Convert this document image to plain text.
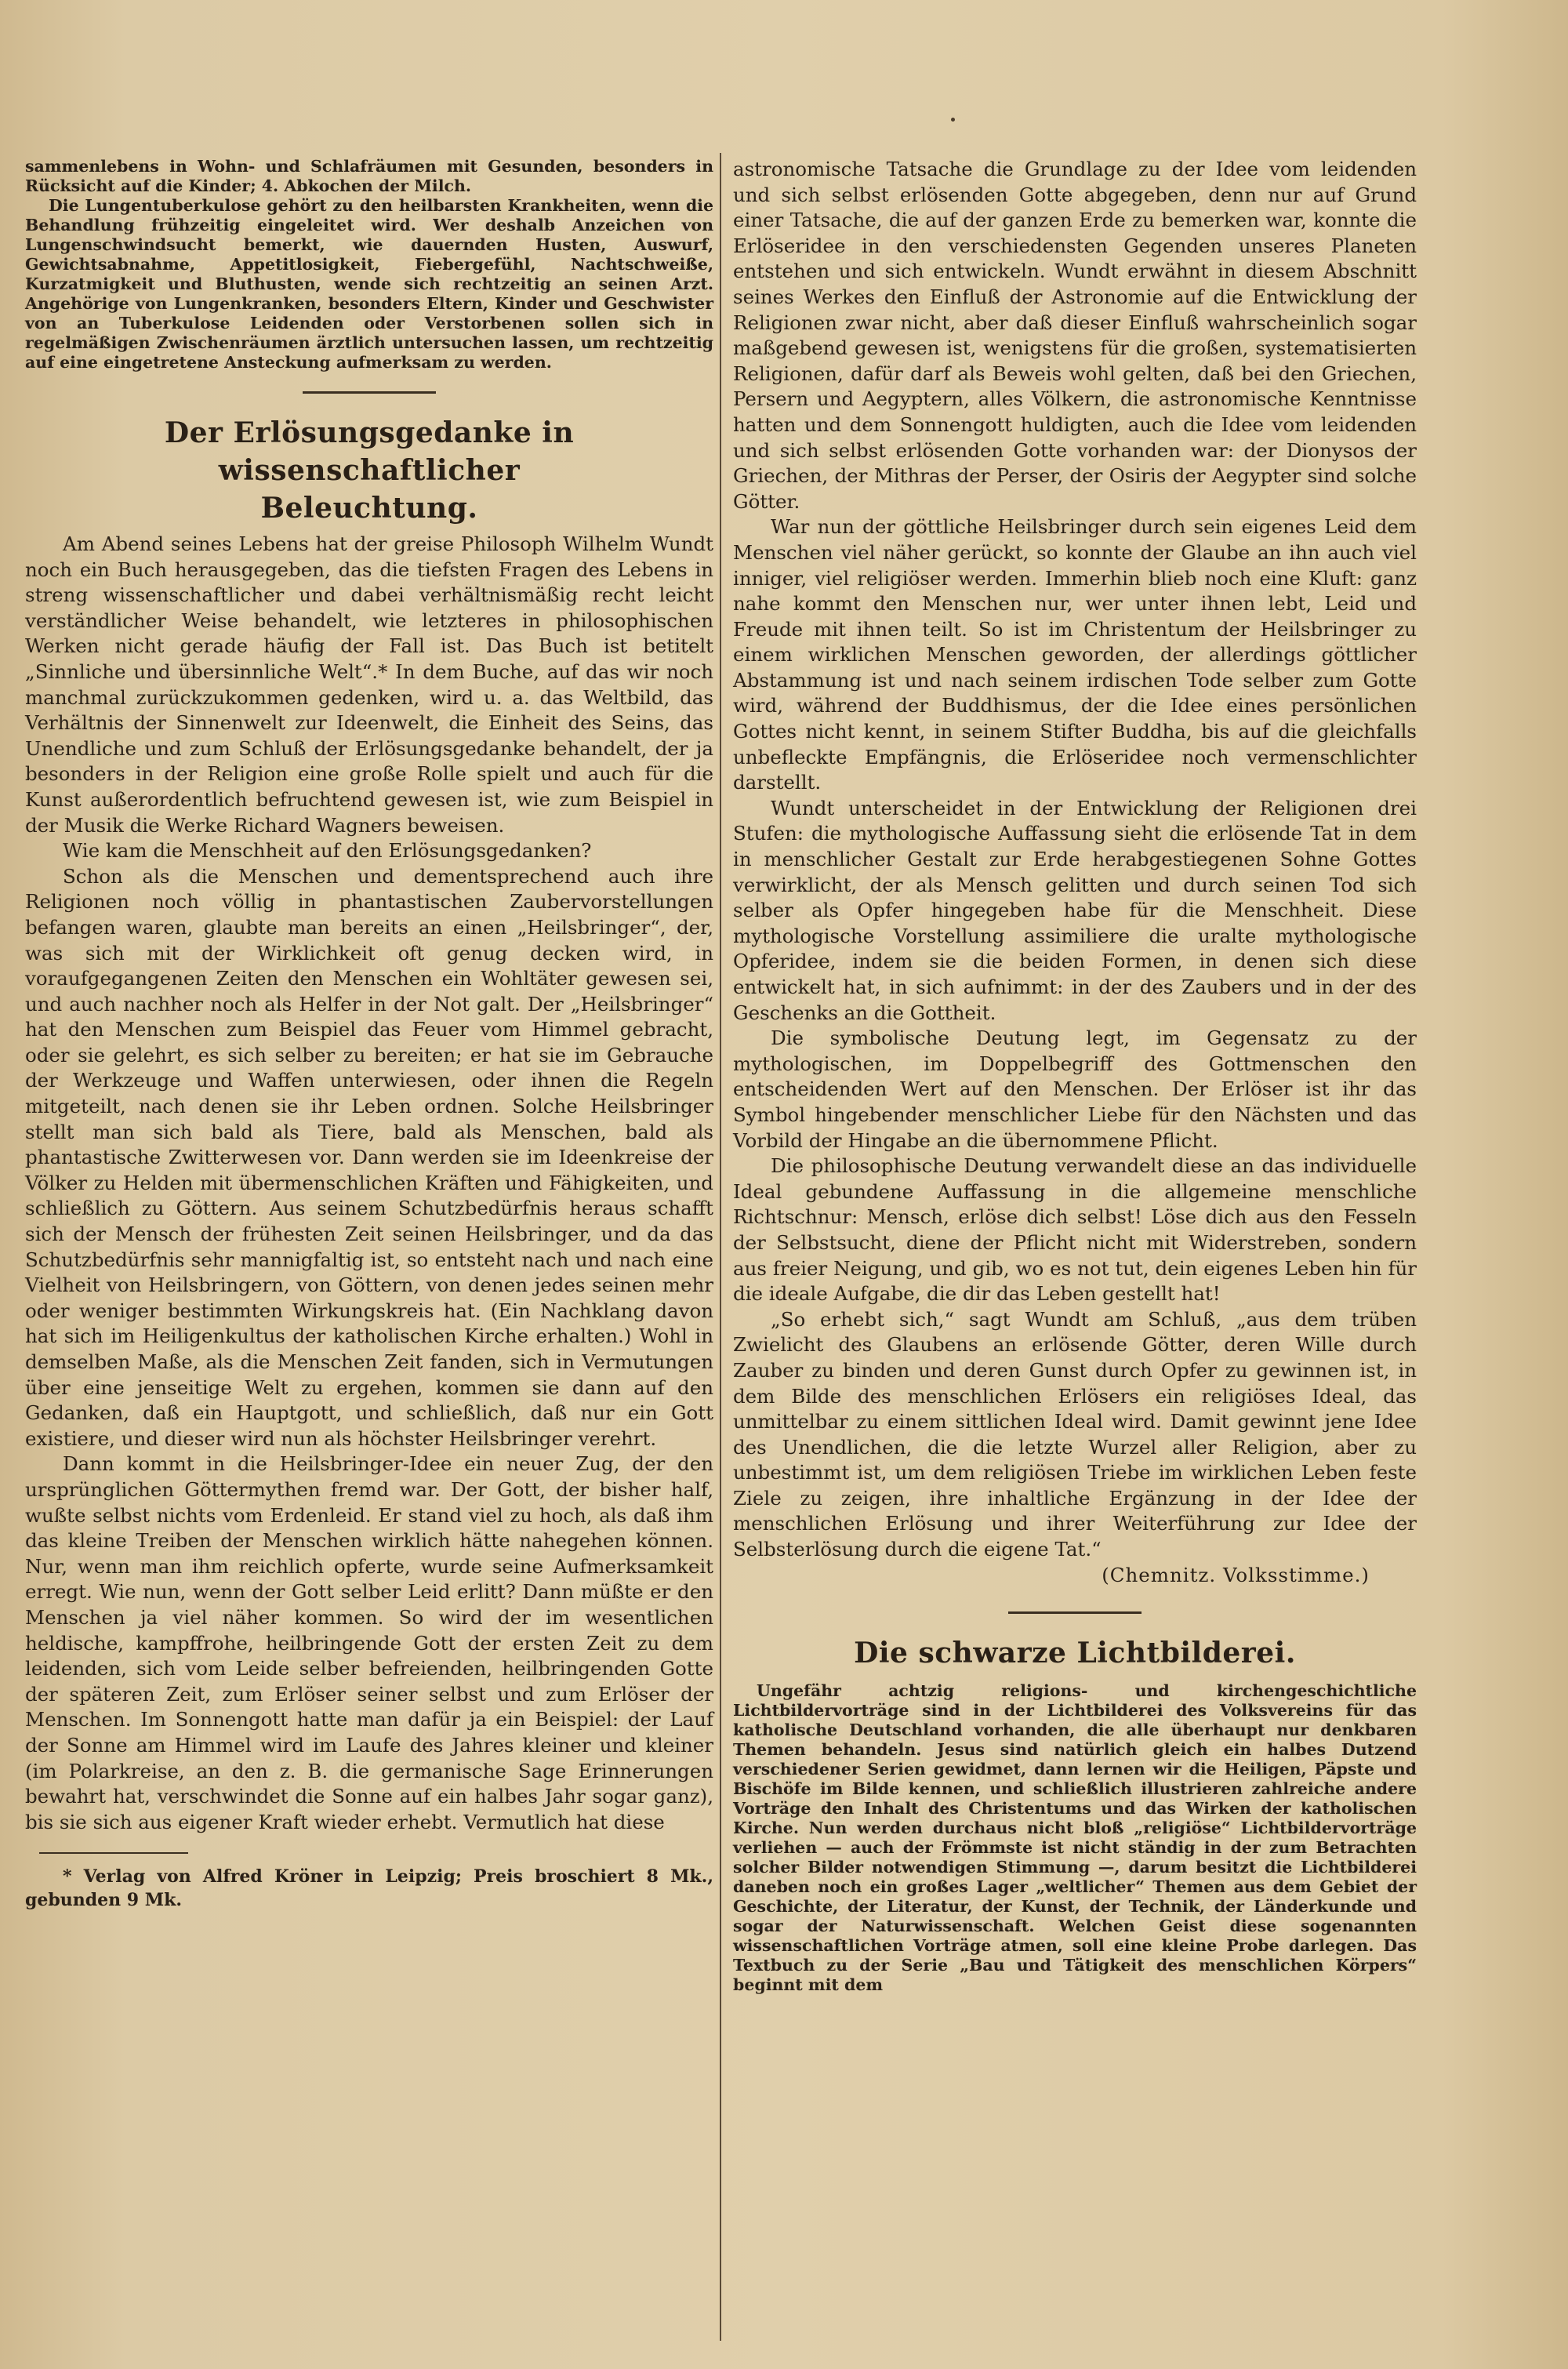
sammenlebens in Wohn- und Schlafräumen mit Gesunden, besonders in Rücksicht auf die Kinder; 4. Abkochen der Milch.

Die Lungentuberkulose gehört zu den heilbarsten Krankheiten, wenn die Behandlung frühzeitig eingeleitet wird. Wer deshalb Anzeichen von Lungenschwindsucht bemerkt, wie dauernden Husten, Auswurf, Gewichtsabnahme, Appetitlosigkeit, Fiebergefühl, Nachtschweiße, Kurzatmigkeit und Bluthusten, wende sich rechtzeitig an seinen Arzt. Angehörige von Lungenkranken, besonders Eltern, Kinder und Geschwister von an Tuberkulose Leidenden oder Verstorbenen sollen sich in regelmäßigen Zwischenräumen ärztlich untersuchen lassen, um rechtzeitig auf eine eingetretene Ansteckung aufmerksam zu werden.

Der Erlösungsgedanke in wissenschaftlicher
Beleuchtung.

Am Abend seines Lebens hat der greise Philosoph Wilhelm Wundt noch ein Buch herausgegeben, das die tiefsten Fragen des Lebens in streng wissenschaftlicher und dabei verhältnismäßig recht leicht verständlicher Weise behandelt, wie letzteres in philosophischen Werken nicht gerade häufig der Fall ist. Das Buch ist betitelt „Sinnliche und übersinnliche Welt“.* In dem Buche, auf das wir noch manchmal zurückzukommen gedenken, wird u. a. das Weltbild, das Verhältnis der Sinnenwelt zur Ideenwelt, die Einheit des Seins, das Unendliche und zum Schluß der Erlösungsgedanke behandelt, der ja besonders in der Religion eine große Rolle spielt und auch für die Kunst außerordentlich befruchtend gewesen ist, wie zum Beispiel in der Musik die Werke Richard Wagners beweisen.

Wie kam die Menschheit auf den Erlösungsgedanken?

Schon als die Menschen und dementsprechend auch ihre Religionen noch völlig in phantastischen Zaubervorstellungen befangen waren, glaubte man bereits an einen „Heilsbringer“, der, was sich mit der Wirklichkeit oft genug decken wird, in voraufgegangenen Zeiten den Menschen ein Wohltäter gewesen sei, und auch nachher noch als Helfer in der Not galt. Der „Heilsbringer“ hat den Menschen zum Beispiel das Feuer vom Himmel gebracht, oder sie gelehrt, es sich selber zu bereiten; er hat sie im Gebrauche der Werkzeuge und Waffen unterwiesen, oder ihnen die Regeln mitgeteilt, nach denen sie ihr Leben ordnen. Solche Heilsbringer stellt man sich bald als Tiere, bald als Menschen, bald als phantastische Zwitterwesen vor. Dann werden sie im Ideenkreise der Völker zu Helden mit übermenschlichen Kräften und Fähigkeiten, und schließlich zu Göttern. Aus seinem Schutzbedürfnis heraus schafft sich der Mensch der frühesten Zeit seinen Heilsbringer, und da das Schutzbedürfnis sehr mannigfaltig ist, so entsteht nach und nach eine Vielheit von Heilsbringern, von Göttern, von denen jedes seinen mehr oder weniger bestimmten Wirkungskreis hat. (Ein Nachklang davon hat sich im Heiligenkultus der katholischen Kirche erhalten.) Wohl in demselben Maße, als die Menschen Zeit fanden, sich in Vermutungen über eine jenseitige Welt zu ergehen, kommen sie dann auf den Gedanken, daß ein Hauptgott, und schließlich, daß nur ein Gott existiere, und dieser wird nun als höchster Heilsbringer verehrt.

Dann kommt in die Heilsbringer-Idee ein neuer Zug, der den ursprünglichen Göttermythen fremd war. Der Gott, der bisher half, wußte selbst nichts vom Erdenleid. Er stand viel zu hoch, als daß ihm das kleine Treiben der Menschen wirklich hätte nahegehen können. Nur, wenn man ihm reichlich opferte, wurde seine Aufmerksamkeit erregt. Wie nun, wenn der Gott selber Leid erlitt? Dann müßte er den Menschen ja viel näher kommen. So wird der im wesentlichen heldische, kampffrohe, heilbringende Gott der ersten Zeit zu dem leidenden, sich vom Leide selber befreienden, heilbringenden Gotte der späteren Zeit, zum Erlöser seiner selbst und zum Erlöser der Menschen. Im Sonnengott hatte man dafür ja ein Beispiel: der Lauf der Sonne am Himmel wird im Laufe des Jahres kleiner und kleiner (im Polarkreise, an den z. B. die germanische Sage Erinnerungen bewahrt hat, verschwindet die Sonne auf ein halbes Jahr sogar ganz), bis sie sich aus eigener Kraft wieder erhebt. Vermutlich hat diese

* Verlag von Alfred Kröner in Leipzig; Preis broschiert 8 Mk., gebunden 9 Mk.

astronomische Tatsache die Grundlage zu der Idee vom leidenden und sich selbst erlösenden Gotte abgegeben, denn nur auf Grund einer Tatsache, die auf der ganzen Erde zu bemerken war, konnte die Erlöseridee in den verschiedensten Gegenden unseres Planeten entstehen und sich entwickeln. Wundt erwähnt in diesem Abschnitt seines Werkes den Einfluß der Astronomie auf die Entwicklung der Religionen zwar nicht, aber daß dieser Einfluß wahrscheinlich sogar maßgebend gewesen ist, wenigstens für die großen, systematisierten Religionen, dafür darf als Beweis wohl gelten, daß bei den Griechen, Persern und Aegyptern, alles Völkern, die astronomische Kenntnisse hatten und dem Sonnengott huldigten, auch die Idee vom leidenden und sich selbst erlösenden Gotte vorhanden war: der Dionysos der Griechen, der Mithras der Perser, der Osiris der Aegypter sind solche Götter.

War nun der göttliche Heilsbringer durch sein eigenes Leid dem Menschen viel näher gerückt, so konnte der Glaube an ihn auch viel inniger, viel religiöser werden. Immerhin blieb noch eine Kluft: ganz nahe kommt den Menschen nur, wer unter ihnen lebt, Leid und Freude mit ihnen teilt. So ist im Christentum der Heilsbringer zu einem wirklichen Menschen geworden, der allerdings göttlicher Abstammung ist und nach seinem irdischen Tode selber zum Gotte wird, während der Buddhismus, der die Idee eines persönlichen Gottes nicht kennt, in seinem Stifter Buddha, bis auf die gleichfalls unbefleckte Empfängnis, die Erlöseridee noch vermenschlichter darstellt.

Wundt unterscheidet in der Entwicklung der Religionen drei Stufen: die mythologische Auffassung sieht die erlösende Tat in dem in menschlicher Gestalt zur Erde herabgestiegenen Sohne Gottes verwirklicht, der als Mensch gelitten und durch seinen Tod sich selber als Opfer hingegeben habe für die Menschheit. Diese mythologische Vorstellung assimiliere die uralte mythologische Opferidee, indem sie die beiden Formen, in denen sich diese entwickelt hat, in sich aufnimmt: in der des Zaubers und in der des Geschenks an die Gottheit.

Die symbolische Deutung legt, im Gegensatz zu der mythologischen, im Doppelbegriff des Gottmenschen den entscheidenden Wert auf den Menschen. Der Erlöser ist ihr das Symbol hingebender menschlicher Liebe für den Nächsten und das Vorbild der Hingabe an die übernommene Pflicht.

Die philosophische Deutung verwandelt diese an das individuelle Ideal gebundene Auffassung in die allgemeine menschliche Richtschnur: Mensch, erlöse dich selbst! Löse dich aus den Fesseln der Selbstsucht, diene der Pflicht nicht mit Widerstreben, sondern aus freier Neigung, und gib, wo es not tut, dein eigenes Leben hin für die ideale Aufgabe, die dir das Leben gestellt hat!

„So erhebt sich,“ sagt Wundt am Schluß, „aus dem trüben Zwielicht des Glaubens an erlösende Götter, deren Wille durch Zauber zu binden und deren Gunst durch Opfer zu gewinnen ist, in dem Bilde des menschlichen Erlösers ein religiöses Ideal, das unmittelbar zu einem sittlichen Ideal wird. Damit gewinnt jene Idee des Unendlichen, die die letzte Wurzel aller Religion, aber zu unbestimmt ist, um dem religiösen Triebe im wirklichen Leben feste Ziele zu zeigen, ihre inhaltliche Ergänzung in der Idee der menschlichen Erlösung und ihrer Weiterführung zur Idee der Selbsterlösung durch die eigene Tat.“

(Chemnitz. Volksstimme.)

Die schwarze Lichtbilderei.

Ungefähr achtzig religions- und kirchengeschichtliche Lichtbildervorträge sind in der Lichtbilderei des Volksvereins für das katholische Deutschland vorhanden, die alle überhaupt nur denkbaren Themen behandeln. Jesus sind natürlich gleich ein halbes Dutzend verschiedener Serien gewidmet, dann lernen wir die Heiligen, Päpste und Bischöfe im Bilde kennen, und schließlich illustrieren zahlreiche andere Vorträge den Inhalt des Christentums und das Wirken der katholischen Kirche. Nun werden durchaus nicht bloß „religiöse“ Lichtbildervorträge verliehen — auch der Frömmste ist nicht ständig in der zum Betrachten solcher Bilder notwendigen Stimmung —, darum besitzt die Lichtbilderei daneben noch ein großes Lager „weltlicher“ Themen aus dem Gebiet der Geschichte, der Literatur, der Kunst, der Technik, der Länderkunde und sogar der Naturwissenschaft. Welchen Geist diese sogenannten wissenschaftlichen Vorträge atmen, soll eine kleine Probe darlegen. Das Textbuch zu der Serie „Bau und Tätigkeit des menschlichen Körpers“ beginnt mit dem
